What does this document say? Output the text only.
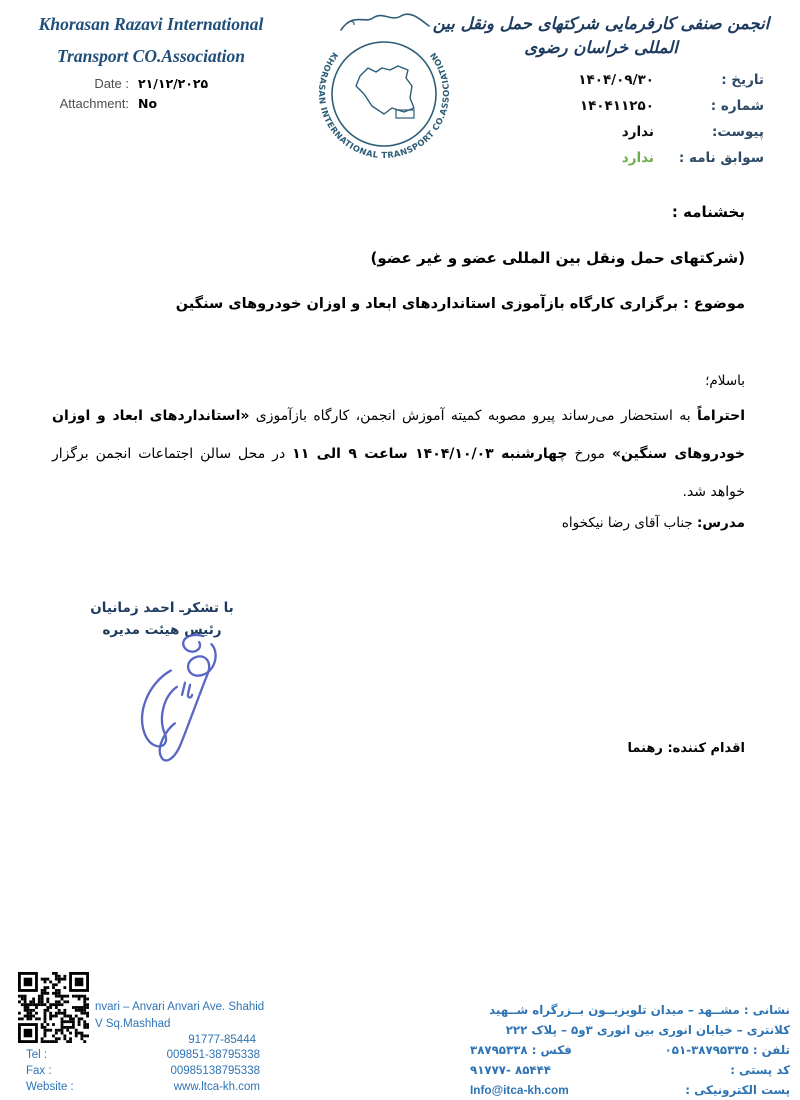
Khorasan Razavi International
Transport CO.Association
Date : ۲۱/۱۲/۲۰۲۵
Attachment: No
KHORASAN INTERNATIONAL TRANSPORT CO.ASSOCIATION
انجمن صنفی کارفرمایی شرکتهای حمل ونقل بین المللی خراسان رضوی
تاریخ :
۱۴۰۴/۰۹/۳۰
شماره :
۱۴۰۴۱۱۲۵۰
پیوست:
ندارد
سوابق نامه :
ندارد
بخشنامه :
(شرکتهای حمل ونقل بین المللی عضو و غیر عضو)
موضوع : برگزاری کارگاه بازآموزی استانداردهای ابعاد و اوزان خودروهای سنگین
باسلام؛
احتراماً به استحضار می‌رساند پیرو مصوبه کمیته آموزش انجمن، کارگاه بازآموزی «استانداردهای ابعاد و اوزان خودروهای سنگین» مورخ چهارشنبه ۱۴۰۴/۱۰/۰۳ ساعت ۹ الی ۱۱ در محل سالن اجتماعات انجمن برگزار خواهد شد.
مدرس: جناب آقای رضا نیکخواه
با تشکرـ احمد زمانیان
رئیس هیئت مدیره
اقدام کننده: رهنما
nvari – Anvari Anvari Ave. Shahid
V Sq.Mashhad
91777-85444
Tel :	009851-38795338
Fax :	00985138795338
Website :	www.ltca-kh.com
نشانی : مشــهد – میدان تلویزیــون بــزرگراه شــهید
کلانتری – خیابان انوری بین انوری ۳و۵ – پلاک ۲۲۲
تلفن : ۰۵۱-۳۸۷۹۵۳۳۵
فکس : ۳۸۷۹۵۳۳۸
کد پستی :
۹۱۷۷۷- ۸۵۴۴۴
پست الکترونیکی :
Info@itca-kh.com
